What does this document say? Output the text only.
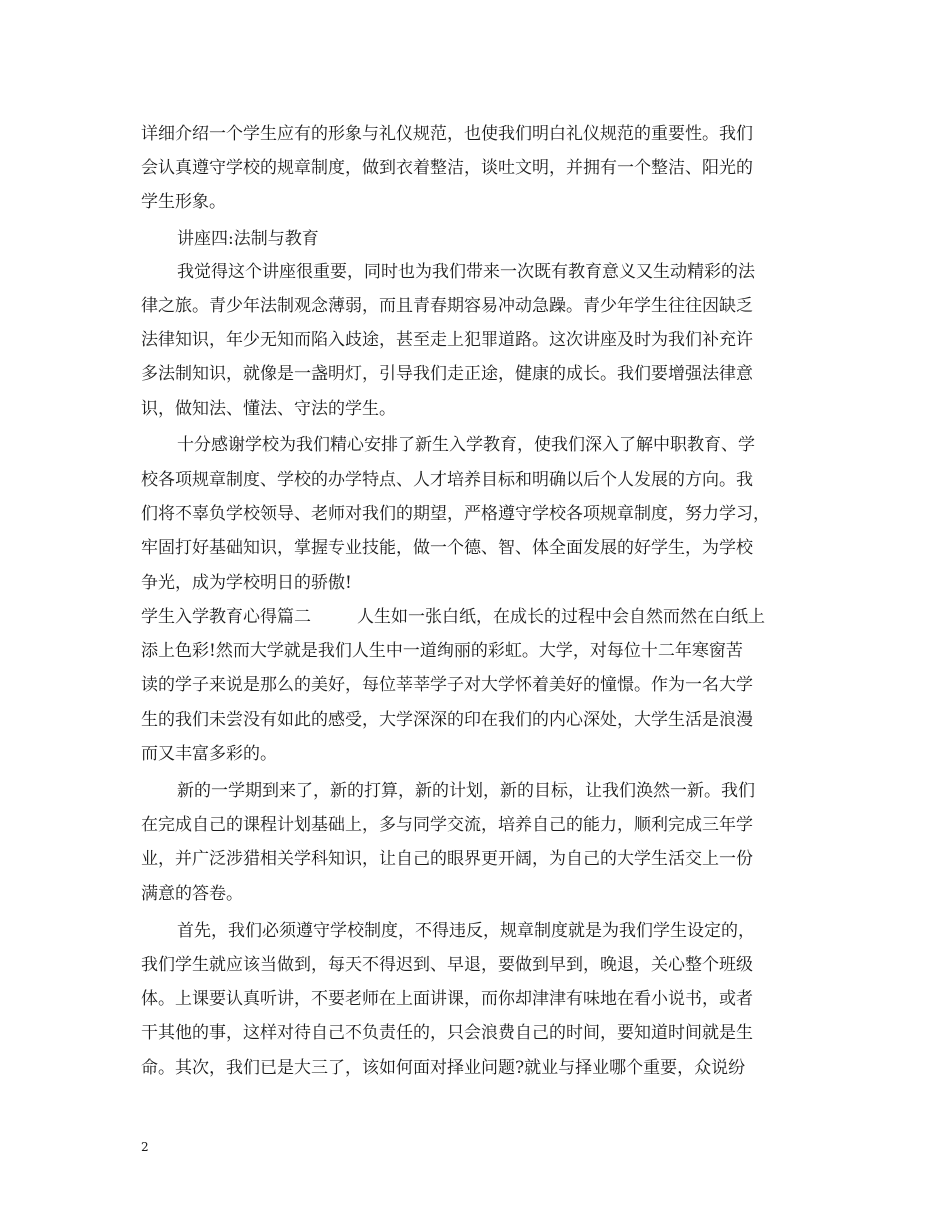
详细介绍一个学生应有的形象与礼仪规范，也使我们明白礼仪规范的重要性。我们
会认真遵守学校的规章制度，做到衣着整洁，谈吐文明，并拥有一个整洁、阳光的
学生形象。
讲座四:法制与教育
我觉得这个讲座很重要，同时也为我们带来一次既有教育意义又生动精彩的法
律之旅。青少年法制观念薄弱，而且青春期容易冲动急躁。青少年学生往往因缺乏
法律知识，年少无知而陷入歧途，甚至走上犯罪道路。这次讲座及时为我们补充许
多法制知识，就像是一盏明灯，引导我们走正途，健康的成长。我们要增强法律意
识，做知法、懂法、守法的学生。
十分感谢学校为我们精心安排了新生入学教育，使我们深入了解中职教育、学
校各项规章制度、学校的办学特点、人才培养目标和明确以后个人发展的方向。我
们将不辜负学校领导、老师对我们的期望，严格遵守学校各项规章制度，努力学习，
牢固打好基础知识，掌握专业技能，做一个德、智、体全面发展的好学生，为学校
争光，成为学校明日的骄傲!
学生入学教育心得篇二	人生如一张白纸，在成长的过程中会自然而然在白纸上
添上色彩!然而大学就是我们人生中一道绚丽的彩虹。大学，对每位十二年寒窗苦
读的学子来说是那么的美好，每位莘莘学子对大学怀着美好的憧憬。作为一名大学
生的我们未尝没有如此的感受，大学深深的印在我们的内心深处，大学生活是浪漫
而又丰富多彩的。
新的一学期到来了，新的打算，新的计划，新的目标，让我们涣然一新。我们
在完成自己的课程计划基础上，多与同学交流，培养自己的能力，顺利完成三年学
业，并广泛涉猎相关学科知识，让自己的眼界更开阔，为自己的大学生活交上一份
满意的答卷。
首先，我们必须遵守学校制度，不得违反，规章制度就是为我们学生设定的，
我们学生就应该当做到，每天不得迟到、早退，要做到早到，晚退，关心整个班级
体。上课要认真听讲，不要老师在上面讲课，而你却津津有味地在看小说书，或者
干其他的事，这样对待自己不负责任的，只会浪费自己的时间，要知道时间就是生
命。其次，我们已是大三了，该如何面对择业问题?就业与择业哪个重要，众说纷
2
